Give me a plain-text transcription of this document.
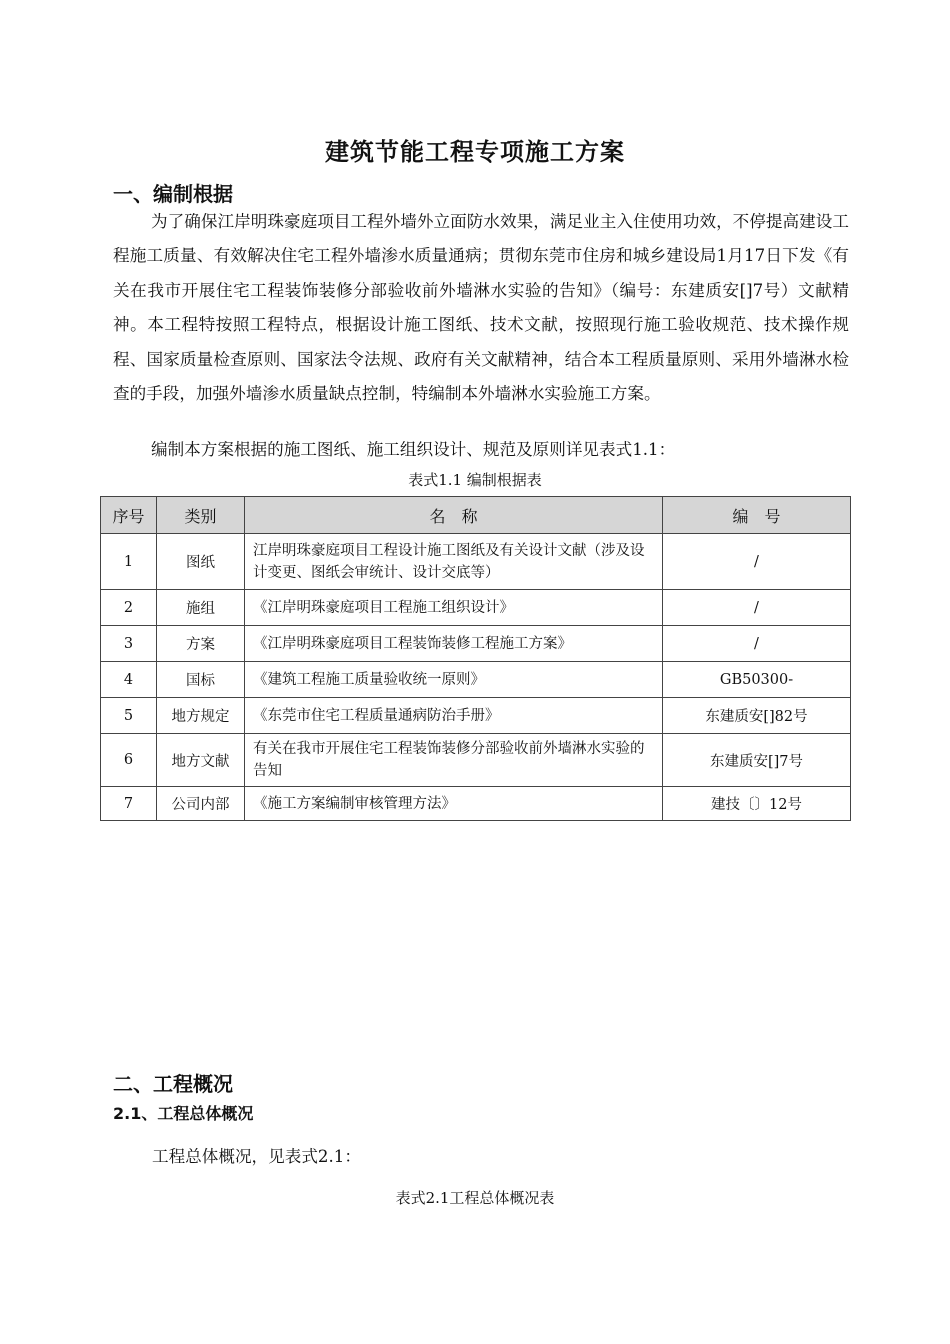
建筑节能工程专项施工方案
一、编制根据

为了确保江岸明珠豪庭项目工程外墙外立面防水效果，满足业主入住使用功效，不停提高建设工程施工质量、有效解决住宅工程外墙渗水质量通病；贯彻东莞市住房和城乡建设局1月17日下发《有关在我市开展住宅工程装饰装修分部验收前外墙淋水实验的告知》（编号：东建质安[]7号）文献精神。本工程特按照工程特点，根据设计施工图纸、技术文献，按照现行施工验收规范、技术操作规程、国家质量检查原则、国家法令法规、政府有关文献精神，结合本工程质量原则、采用外墙淋水检查的手段，加强外墙渗水质量缺点控制，特编制本外墙淋水实验施工方案。

编制本方案根据的施工图纸、施工组织设计、规范及原则详见表式1.1：

表式1.1 编制根据表
序号	类别	名　称	编　号
1	图纸	江岸明珠豪庭项目工程设计施工图纸及有关设计文献（涉及设计变更、图纸会审统计、设计交底等）	/
2	施组	《江岸明珠豪庭项目工程施工组织设计》	/
3	方案	《江岸明珠豪庭项目工程装饰装修工程施工方案》	/
4	国标	《建筑工程施工质量验收统一原则》	GB50300-
5	地方规定	《东莞市住宅工程质量通病防治手册》	东建质安[]82号
6	地方文献	有关在我市开展住宅工程装饰装修分部验收前外墙淋水实验的告知	东建质安[]7号
7	公司内部	《施工方案编制审核管理方法》	建技〔〕12号
二、工程概况
2.1、工程总体概况
工程总体概况，见表式2.1：
表式2.1工程总体概况表
